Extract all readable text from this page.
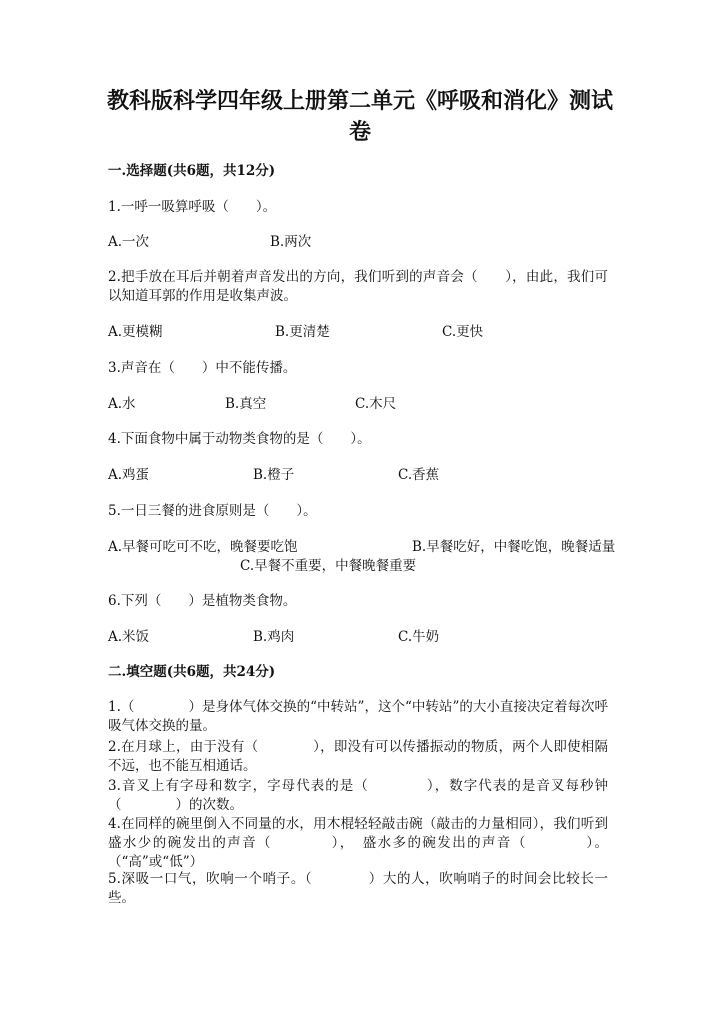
教科版科学四年级上册第二单元《呼吸和消化》测试卷
一.选择题(共6题，共12分)
1.一呼一吸算呼吸（　　）。
A.一次	B.两次
2.把手放在耳后并朝着声音发出的方向，我们听到的声音会（　　），由此，我们可以知道耳郭的作用是收集声波。
A.更模糊	B.更清楚	C.更快
3.声音在（　　）中不能传播。
A.水	B.真空	C.木尺
4.下面食物中属于动物类食物的是（　　）。
A.鸡蛋	B.橙子	C.香蕉
5.一日三餐的进食原则是（　　）。
A.早餐可吃可不吃，晚餐要吃饱	B.早餐吃好，中餐吃饱，晚餐适量
C.早餐不重要，中餐晚餐重要
6.下列（　　）是植物类食物。
A.米饭	B.鸡肉	C.牛奶
二.填空题(共6题，共24分)
1.（　　　　）是身体气体交换的“中转站”，这个“中转站”的大小直接决定着每次呼吸气体交换的量。
2.在月球上，由于没有（　　　　），即没有可以传播振动的物质，两个人即使相隔不远，也不能互相通话。
3.音叉上有字母和数字，字母代表的是（　　　　），数字代表的是音叉每秒钟（　　　　）的次数。
4.在同样的碗里倒入不同量的水，用木棍轻轻敲击碗（敲击的力量相同），我们听到盛水少的碗发出的声音（　　　　），　盛水多的碗发出的声音（　　　　）。（“高”或“低”）
5.深吸一口气，吹响一个哨子。（　　　　）大的人，吹响哨子的时间会比较长一些。
